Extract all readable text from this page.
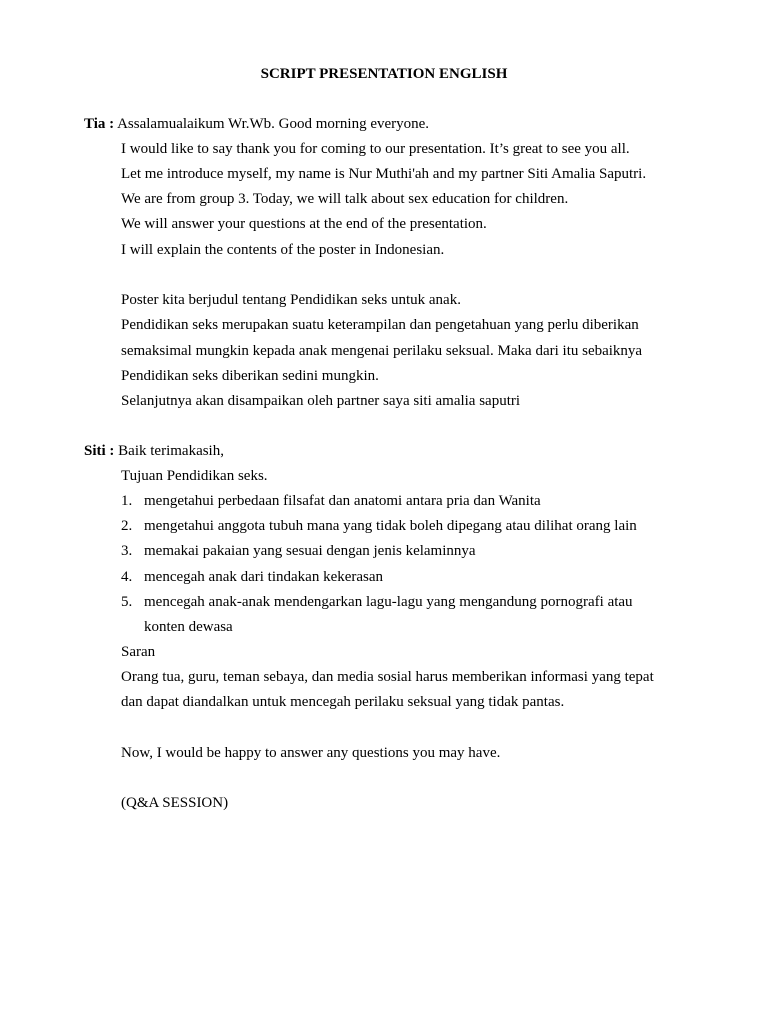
SCRIPT PRESENTATION ENGLISH
Tia : Assalamualaikum Wr.Wb. Good morning everyone.
I would like to say thank you for coming to our presentation. It’s great to see you all.
Let me introduce myself, my name is Nur Muthi'ah and my partner Siti Amalia Saputri.
We are from group 3. Today, we will talk about sex education for children.
We will answer your questions at the end of the presentation.
I will explain the contents of the poster in Indonesian.
Poster kita berjudul tentang Pendidikan seks untuk anak.
Pendidikan seks merupakan suatu keterampilan dan pengetahuan yang perlu diberikan
semaksimal mungkin kepada anak mengenai perilaku seksual. Maka dari itu sebaiknya
Pendidikan seks diberikan sedini mungkin.
Selanjutnya akan disampaikan oleh partner saya siti amalia saputri
Siti : Baik terimakasih,
Tujuan Pendidikan seks.
1. mengetahui perbedaan filsafat dan anatomi antara pria dan Wanita
2. mengetahui anggota tubuh mana yang tidak boleh dipegang atau dilihat orang lain
3. memakai pakaian yang sesuai dengan jenis kelaminnya
4. mencegah anak dari tindakan kekerasan
5. mencegah anak-anak mendengarkan lagu-lagu yang mengandung pornografi atau
konten dewasa
Saran
Orang tua, guru, teman sebaya, dan media sosial harus memberikan informasi yang tepat
dan dapat diandalkan untuk mencegah perilaku seksual yang tidak pantas.
Now, I would be happy to answer any questions you may have.
(Q&A SESSION)
